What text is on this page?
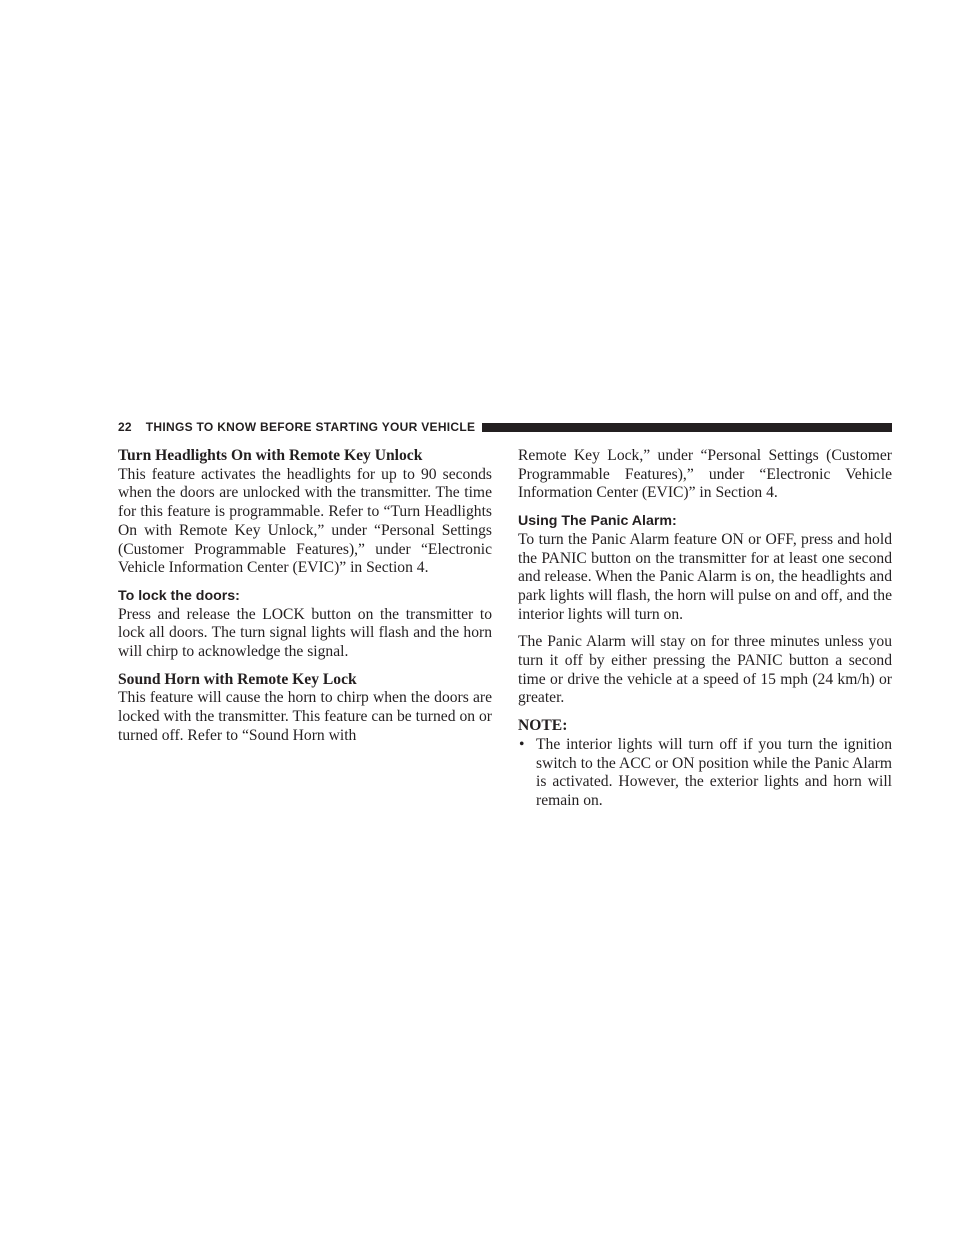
22 THINGS TO KNOW BEFORE STARTING YOUR VEHICLE
Turn Headlights On with Remote Key Unlock

This feature activates the headlights for up to 90 seconds when the doors are unlocked with the transmitter. The time for this feature is programmable. Refer to “Turn Headlights On with Remote Key Unlock,” under “Personal Settings (Customer Programmable Features),” under “Electronic Vehicle Information Center (EVIC)” in Section 4.

To lock the doors:

Press and release the LOCK button on the transmitter to lock all doors. The turn signal lights will flash and the horn will chirp to acknowledge the signal.

Sound Horn with Remote Key Lock

This feature will cause the horn to chirp when the doors are locked with the transmitter. This feature can be turned on or turned off. Refer to “Sound Horn with

Remote Key Lock,” under “Personal Settings (Customer Programmable Features),” under “Electronic Vehicle Information Center (EVIC)” in Section 4.

Using The Panic Alarm:

To turn the Panic Alarm feature ON or OFF, press and hold the PANIC button on the transmitter for at least one second and release. When the Panic Alarm is on, the headlights and park lights will flash, the horn will pulse on and off, and the interior lights will turn on.

The Panic Alarm will stay on for three minutes unless you turn it off by either pressing the PANIC button a second time or drive the vehicle at a speed of 15 mph (24 km/h) or greater.

NOTE:

• The interior lights will turn off if you turn the ignition switch to the ACC or ON position while the Panic Alarm is activated. However, the exterior lights and horn will remain on.
